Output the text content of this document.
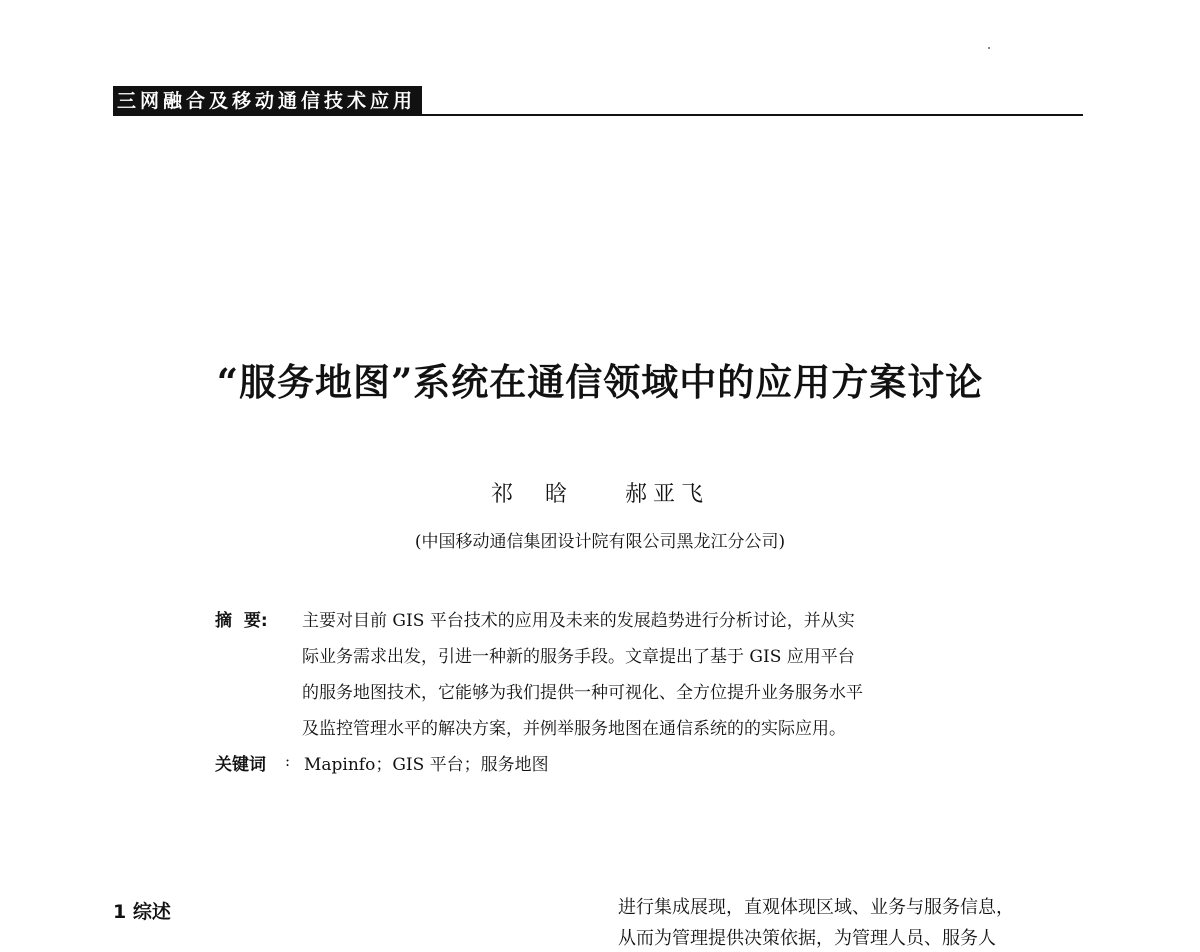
三网融合及移动通信技术应用
“服务地图”系统在通信领域中的应用方案讨论
祁  晗    郝亚飞
(中国移动通信集团设计院有限公司黑龙江分公司)
摘  要: 主要对目前 GIS 平台技术的应用及未来的发展趋势进行分析讨论，并从实
际业务需求出发，引进一种新的服务手段。文章提出了基于 GIS 应用平台
的服务地图技术，它能够为我们提供一种可视化、全方位提升业务服务水平
及监控管理水平的解决方案，并例举服务地图在通信系统的的实际应用。
关键词 : Mapinfo；GIS 平台；服务地图
1 综述	进行集成展现，直观体现区域、业务与服务信息，
从而为管理提供决策依据，为管理人员、服务人
